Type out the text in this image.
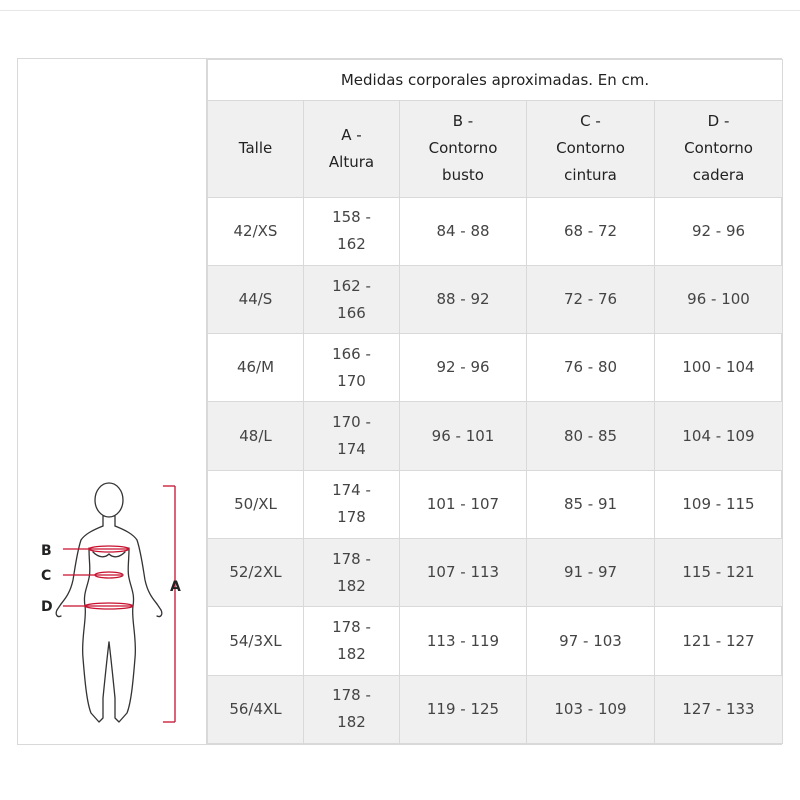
B
C
D
A
Medidas corporales aproximadas. En cm.				
Talle	A -
Altura	B -
Contorno
busto	C -
Contorno
cintura	D -
Contorno
cadera
42/XS	158 -
162	84 - 88	68 - 72	92 - 96
44/S	162 -
166	88 - 92	72 - 76	96 - 100
46/M	166 -
170	92 - 96	76 - 80	100 - 104
48/L	170 -
174	96 - 101	80 - 85	104 - 109
50/XL	174 -
178	101 - 107	85 - 91	109 - 115
52/2XL	178 -
182	107 - 113	91 - 97	115 - 121
54/3XL	178 -
182	113 - 119	97 - 103	121 - 127
56/4XL	178 -
182	119 - 125	103 - 109	127 - 133
